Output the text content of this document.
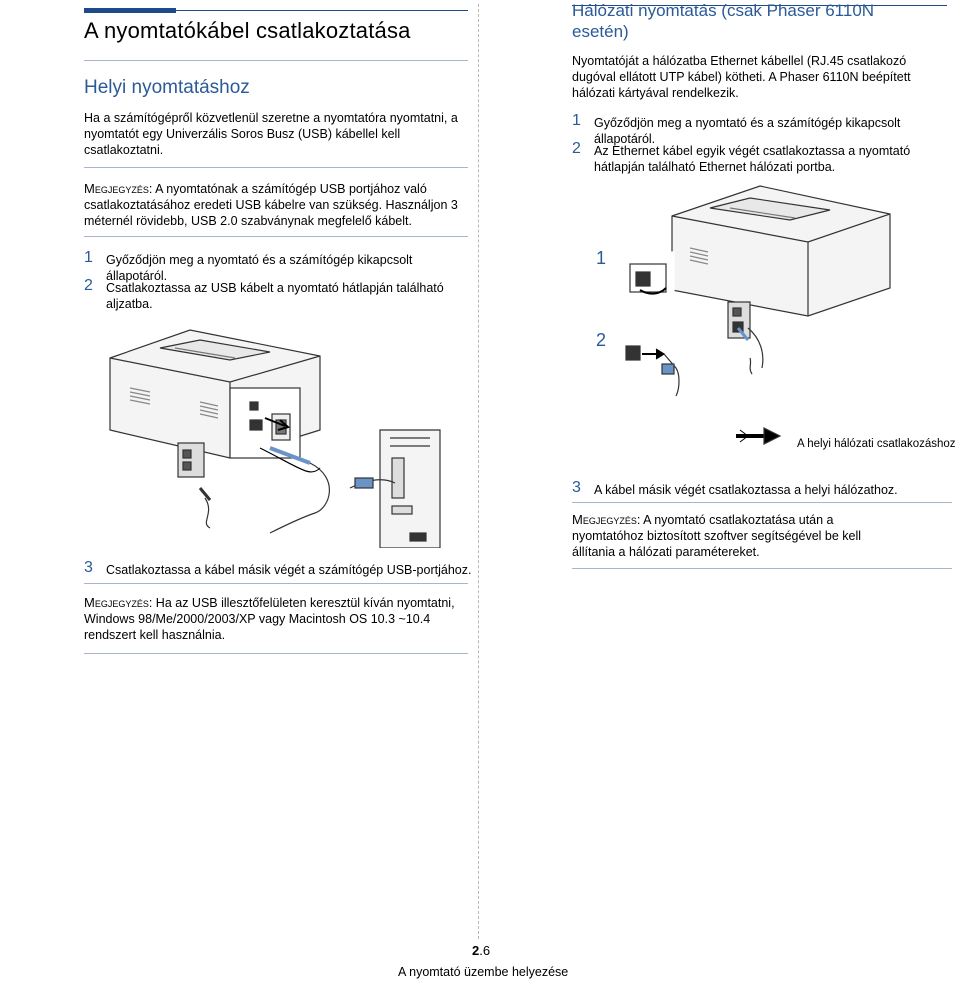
A nyomtatókábel csatlakoztatása
Helyi nyomtatáshoz
Ha a számítógépről közvetlenül szeretne a nyomtatóra nyomtatni, a nyomtatót egy Univerzális Soros Busz (USB) kábellel kell csatlakoztatni.
Megjegyzés: A nyomtatónak a számítógép USB portjához való csatlakoztatásához eredeti USB kábelre van szükség. Használjon 3 méternél rövidebb, USB 2.0 szabványnak megfelelő kábelt.
1 Győződjön meg a nyomtató és a számítógép kikapcsolt állapotáról.
2 Csatlakoztassa az USB kábelt a nyomtató hátlapján található aljzatba.
3 Csatlakoztassa a kábel másik végét a számítógép USB-portjához.
Megjegyzés: Ha az USB illesztőfelületen keresztül kíván nyomtatni, Windows 98/Me/2000/2003/XP vagy Macintosh OS 10.3 ~10.4 rendszert kell használnia.
Hálózati nyomtatás (csak Phaser 6110N esetén)
Nyomtatóját a hálózatba Ethernet kábellel (RJ.45 csatlakozó dugóval ellátott UTP kábel) kötheti. A Phaser 6110N beépített hálózati kártyával rendelkezik.
1 Győződjön meg a nyomtató és a számítógép kikapcsolt állapotáról.
2 Az Ethernet kábel egyik végét csatlakoztassa a nyomtató hátlapján található Ethernet hálózati portba.
1
2
A helyi hálózati csatlakozáshoz
3 A kábel másik végét csatlakoztassa a helyi hálózathoz.
Megjegyzés: A nyomtató csatlakoztatása után a nyomtatóhoz biztosított szoftver segítségével be kell állítania a hálózati paramétereket.
2.6
A nyomtató üzembe helyezése
